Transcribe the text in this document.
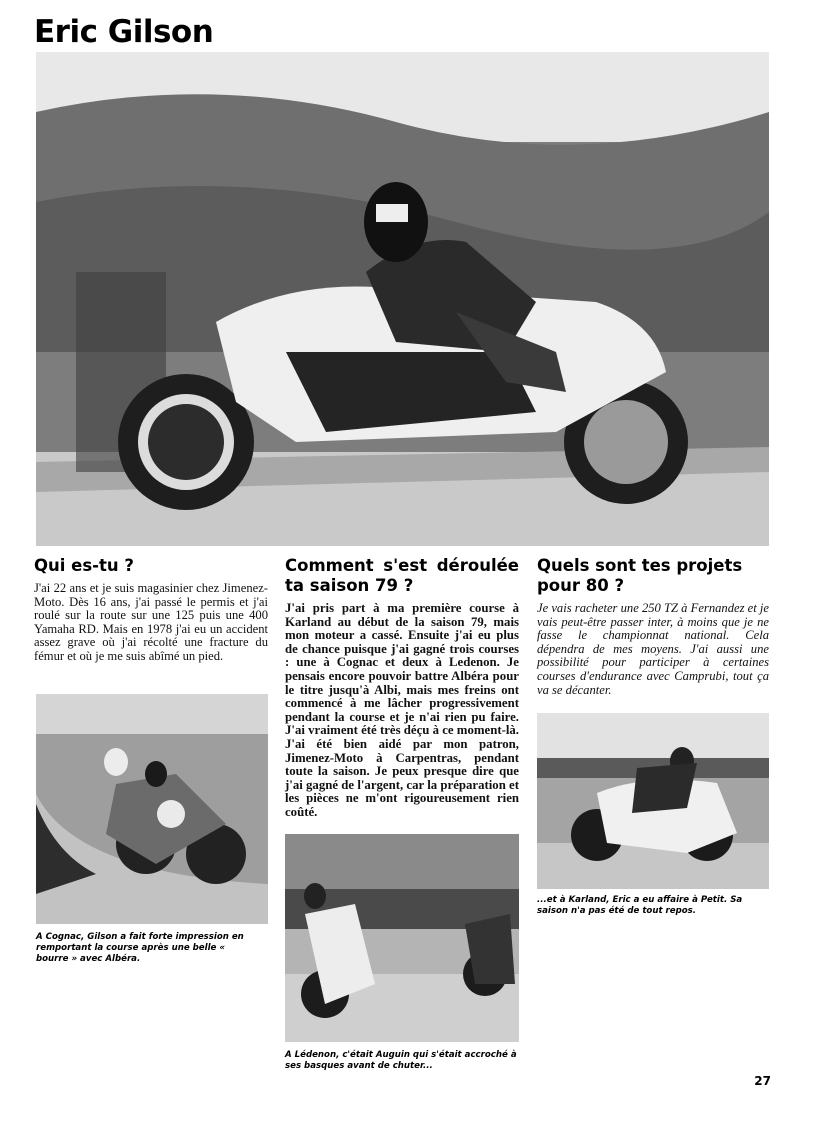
Eric Gilson
Qui es-tu ?

J'ai 22 ans et je suis magasinier chez Jimenez-Moto. Dès 16 ans, j'ai passé le permis et j'ai roulé sur la route sur une 125 puis une 400 Yamaha RD. Mais en 1978 j'ai eu un accident assez grave où j'ai récolté une fracture du fémur et où je me suis abîmé un pied.

A Cognac, Gilson a fait forte impression en remportant la course après une belle « bourre » avec Albéra.

Comment s'est déroulée ta saison 79 ?

J'ai pris part à ma première course à Karland au début de la saison 79, mais mon moteur a cassé. Ensuite j'ai eu plus de chance puisque j'ai gagné trois courses : une à Cognac et deux à Ledenon. Je pensais encore pouvoir battre Albéra pour le titre jusqu'à Albi, mais mes freins ont commencé à me lâcher progressivement pendant la course et je n'ai rien pu faire. J'ai vraiment été très déçu à ce moment-là. J'ai été bien aidé par mon patron, Jimenez-Moto à Carpentras, pendant toute la saison. Je peux presque dire que j'ai gagné de l'argent, car la préparation et les pièces ne m'ont rigoureusement rien coûté.

A Lédenon, c'était Auguin qui s'était accroché à ses basques avant de chuter...

Quels sont tes projets pour 80 ?

Je vais racheter une 250 TZ à Fernandez et je vais peut-être passer inter, à moins que je ne fasse le championnat national. Cela dépendra de mes moyens. J'ai aussi une possibilité pour participer à certaines courses d'endurance avec Camprubi, tout ça va se décanter.

...et à Karland, Eric a eu affaire à Petit. Sa saison n'a pas été de tout repos.

27
